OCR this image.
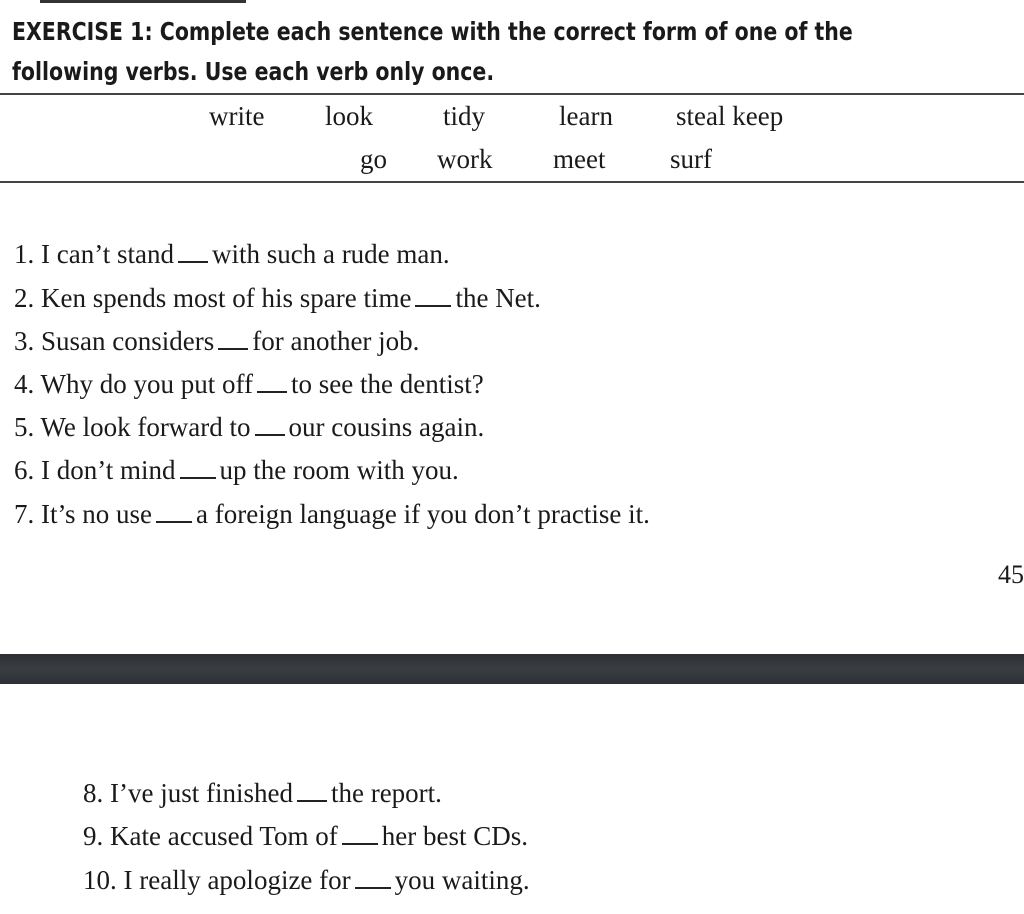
EXERCISE 1: Complete each sentence with the correct form of one of the
following verbs. Use each verb only once.
write look	tidy	learn steal keep
go work meet surf
1. I can’t stand with such a rude man.
2. Ken spends most of his spare time the Net.
3. Susan considers for another job.
4. Why do you put off to see the dentist?
5. We look forward to our cousins again.
6. I don’t mind up the room with you.
7. It’s no use a foreign language if you don’t practise it.
45
8. I’ve just finished the report.
9. Kate accused Tom of her best CDs.
10. I really apologize for you waiting.
